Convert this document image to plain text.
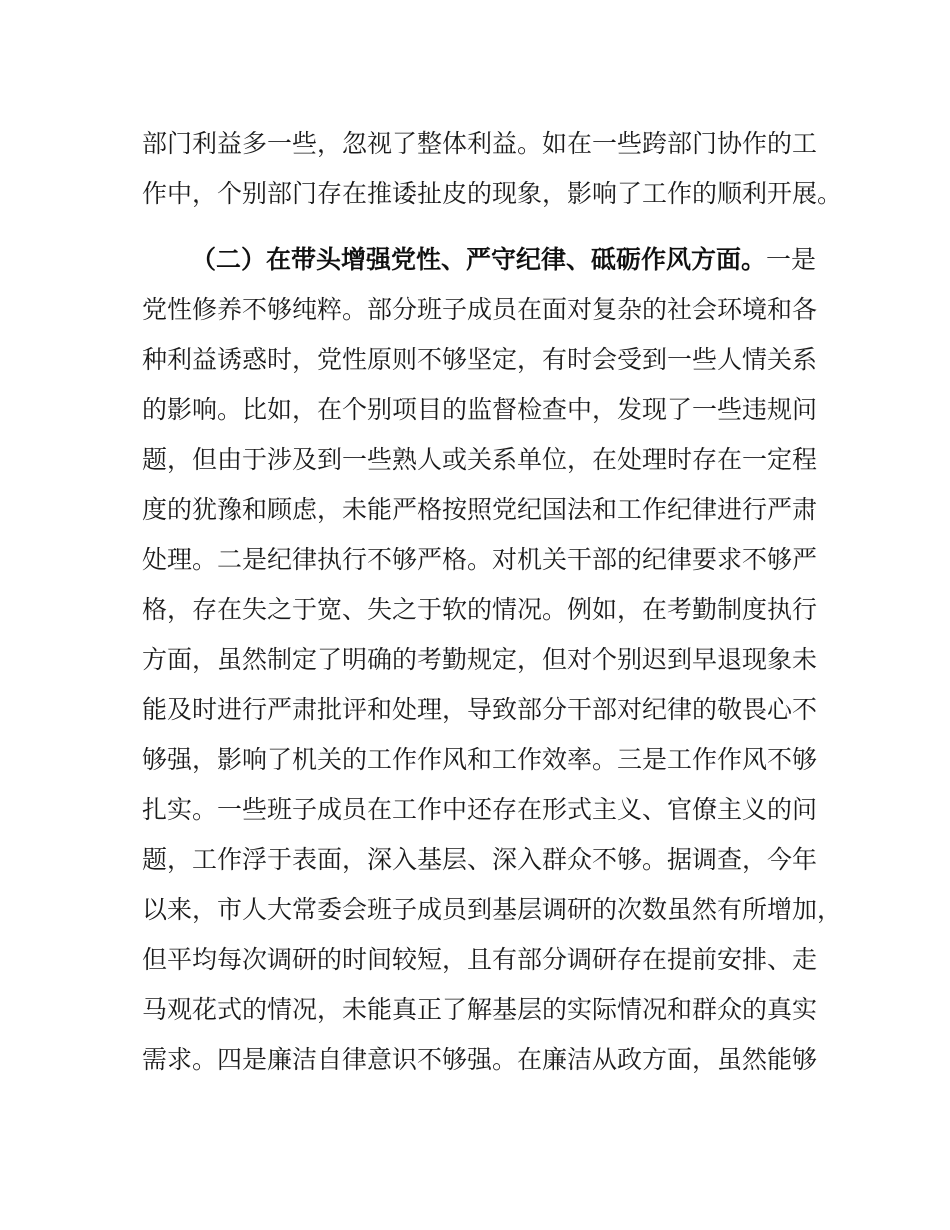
部门利益多一些，忽视了整体利益。如在一些跨部门协作的工
作中，个别部门存在推诿扯皮的现象，影响了工作的顺利开展。
（二）在带头增强党性、严守纪律、砥砺作风方面。一是
党性修养不够纯粹。部分班子成员在面对复杂的社会环境和各
种利益诱惑时，党性原则不够坚定，有时会受到一些人情关系
的影响。比如，在个别项目的监督检查中，发现了一些违规问
题，但由于涉及到一些熟人或关系单位，在处理时存在一定程
度的犹豫和顾虑，未能严格按照党纪国法和工作纪律进行严肃
处理。二是纪律执行不够严格。对机关干部的纪律要求不够严
格，存在失之于宽、失之于软的情况。例如，在考勤制度执行
方面，虽然制定了明确的考勤规定，但对个别迟到早退现象未
能及时进行严肃批评和处理，导致部分干部对纪律的敬畏心不
够强，影响了机关的工作作风和工作效率。三是工作作风不够
扎实。一些班子成员在工作中还存在形式主义、官僚主义的问
题，工作浮于表面，深入基层、深入群众不够。据调查，今年
以来，市人大常委会班子成员到基层调研的次数虽然有所增加，
但平均每次调研的时间较短，且有部分调研存在提前安排、走
马观花式的情况，未能真正了解基层的实际情况和群众的真实
需求。四是廉洁自律意识不够强。在廉洁从政方面，虽然能够
